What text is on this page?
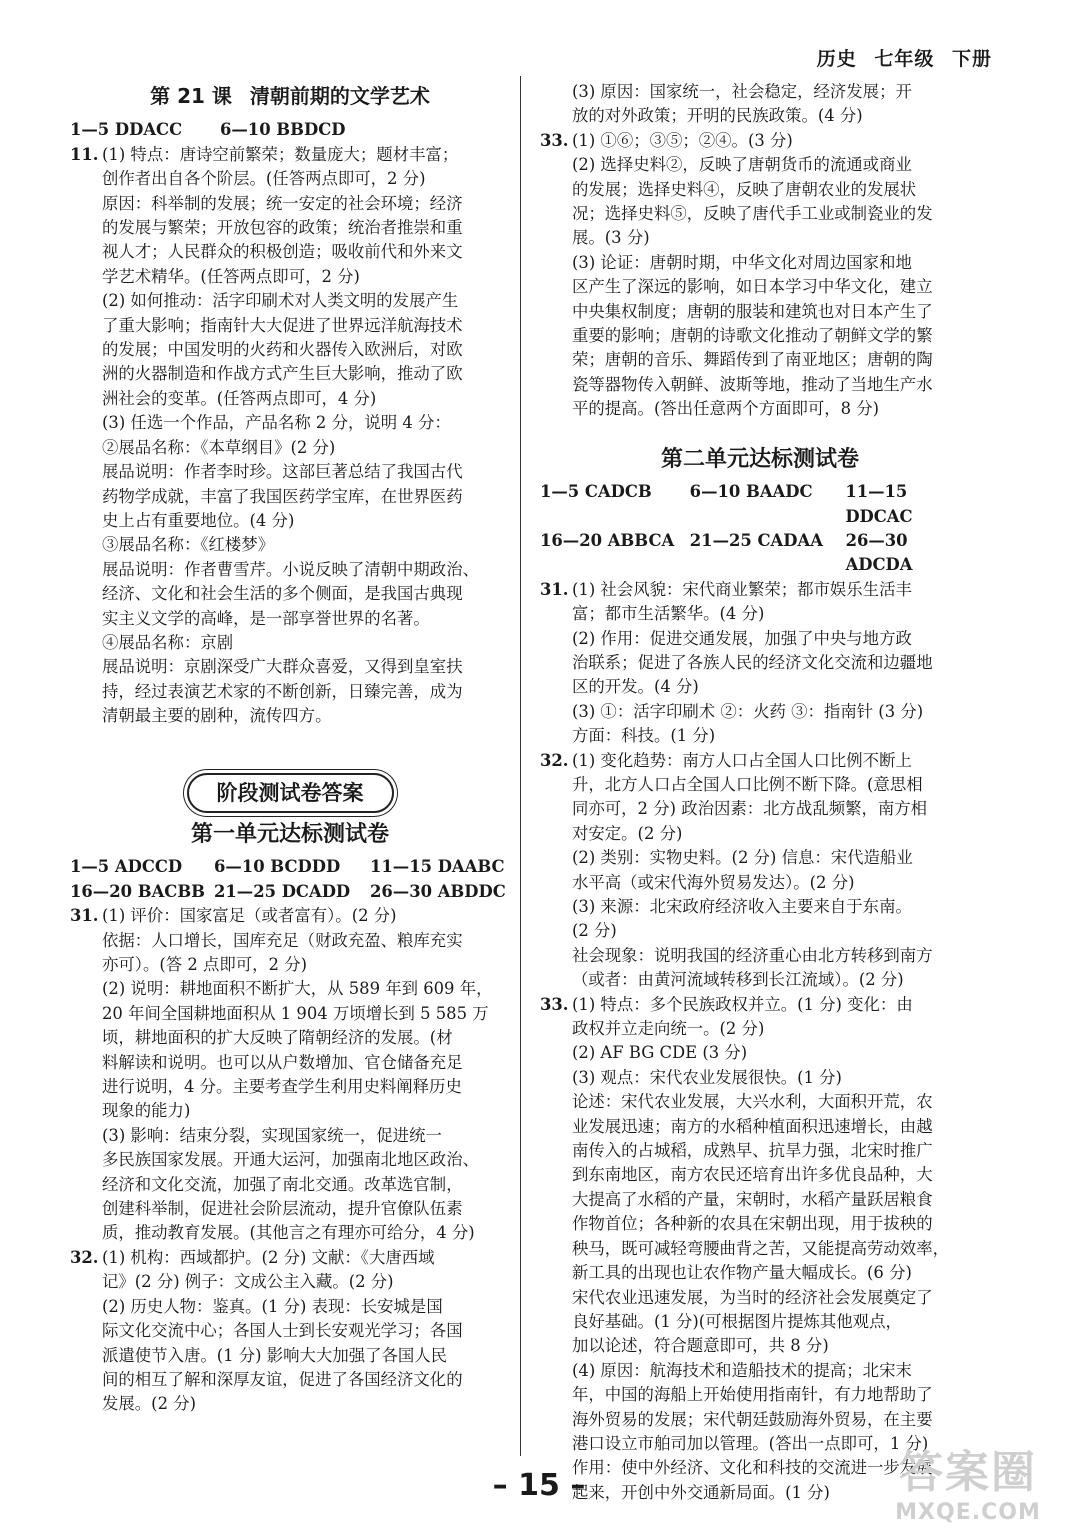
历史 七年级 下册
第 21 课 清朝前期的文学艺术
1—5 DDACC	6—10 BBDCD
11. (1) 特点：唐诗空前繁荣；数量庞大；题材丰富；
创作者出自各个阶层。(任答两点即可，2 分)
原因：科举制的发展；统一安定的社会环境；经济
的发展与繁荣；开放包容的政策；统治者推崇和重
视人才；人民群众的积极创造；吸收前代和外来文
学艺术精华。(任答两点即可，2 分)
(2) 如何推动：活字印刷术对人类文明的发展产生
了重大影响；指南针大大促进了世界远洋航海技术
的发展；中国发明的火药和火器传入欧洲后，对欧
洲的火器制造和作战方式产生巨大影响，推动了欧
洲社会的变革。(任答两点即可，4 分)
(3) 任选一个作品，产品名称 2 分，说明 4 分：
②展品名称：《本草纲目》(2 分)
展品说明：作者李时珍。这部巨著总结了我国古代
药物学成就，丰富了我国医药学宝库，在世界医药
史上占有重要地位。(4 分)
③展品名称：《红楼梦》
展品说明：作者曹雪芹。小说反映了清朝中期政治、
经济、文化和社会生活的多个侧面，是我国古典现
实主义文学的高峰，是一部享誉世界的名著。
④展品名称：京剧
展品说明：京剧深受广大群众喜爱，又得到皇室扶
持，经过表演艺术家的不断创新，日臻完善，成为
清朝最主要的剧种，流传四方。
阶段测试卷答案
第一单元达标测试卷
1—5 ADCCD	6—10 BCDDD	11—15 DAABC
16—20 BACBB 21—25 DCADD	26—30 ABDDC
31. (1) 评价：国家富足（或者富有）。(2 分)
依据：人口增长，国库充足（财政充盈、粮库充实
亦可）。(答 2 点即可，2 分)
(2) 说明：耕地面积不断扩大，从 589 年到 609 年，
20 年间全国耕地面积从 1 904 万顷增长到 5 585 万
顷，耕地面积的扩大反映了隋朝经济的发展。(材
料解读和说明。也可以从户数增加、官仓储备充足
进行说明，4 分。主要考查学生利用史料阐释历史
现象的能力)
(3) 影响：结束分裂，实现国家统一，促进统一
多民族国家发展。开通大运河，加强南北地区政治、
经济和文化交流，加强了南北交通。改革选官制，
创建科举制，促进社会阶层流动，提升官僚队伍素
质，推动教育发展。(其他言之有理亦可给分，4 分)
32. (1) 机构：西域都护。(2 分) 文献：《大唐西域
记》(2 分) 例子：文成公主入藏。(2 分)
(2) 历史人物：鉴真。(1 分) 表现：长安城是国
际文化交流中心；各国人士到长安观光学习；各国
派遣使节入唐。(1 分) 影响大大加强了各国人民
间的相互了解和深厚友谊，促进了各国经济文化的
发展。(2 分)
(3) 原因：国家统一，社会稳定，经济发展；开
放的对外政策；开明的民族政策。(4 分)
33. (1) ①⑥；③⑤；②④。(3 分)
(2) 选择史料②，反映了唐朝货币的流通或商业
的发展；选择史料④，反映了唐朝农业的发展状
况；选择史料⑤，反映了唐代手工业或制瓷业的发
展。(3 分)
(3) 论证：唐朝时期，中华文化对周边国家和地
区产生了深远的影响，如日本学习中华文化，建立
中央集权制度；唐朝的服装和建筑也对日本产生了
重要的影响；唐朝的诗歌文化推动了朝鲜文学的繁
荣；唐朝的音乐、舞蹈传到了南亚地区；唐朝的陶
瓷等器物传入朝鲜、波斯等地，推动了当地生产水
平的提高。(答出任意两个方面即可，8 分)
第二单元达标测试卷
1—5 CADCB	6—10 BAADC	11—15 DDCAC
16—20 ABBCA 21—25 CADAA	26—30 ADCDA
31. (1) 社会风貌：宋代商业繁荣；都市娱乐生活丰
富；都市生活繁华。(4 分)
(2) 作用：促进交通发展，加强了中央与地方政
治联系；促进了各族人民的经济文化交流和边疆地
区的开发。(4 分)
(3) ①：活字印刷术 ②：火药 ③：指南针 (3 分)
方面：科技。(1 分)
32. (1) 变化趋势：南方人口占全国人口比例不断上
升，北方人口占全国人口比例不断下降。(意思相
同亦可，2 分) 政治因素：北方战乱频繁，南方相
对安定。(2 分)
(2) 类别：实物史料。(2 分) 信息：宋代造船业
水平高（或宋代海外贸易发达）。(2 分)
(3) 来源：北宋政府经济收入主要来自于东南。
(2 分)
社会现象：说明我国的经济重心由北方转移到南方
（或者：由黄河流域转移到长江流域）。(2 分)
33. (1) 特点：多个民族政权并立。(1 分) 变化：由
政权并立走向统一。(2 分)
(2) AF BG CDE (3 分)
(3) 观点：宋代农业发展很快。(1 分)
论述：宋代农业发展，大兴水利，大面积开荒，农
业发展迅速；南方的水稻种植面积迅速增长，由越
南传入的占城稻，成熟早、抗旱力强，北宋时推广
到东南地区，南方农民还培育出许多优良品种，大
大提高了水稻的产量，宋朝时，水稻产量跃居粮食
作物首位；各种新的农具在宋朝出现，用于拔秧的
秧马，既可减轻弯腰曲背之苦，又能提高劳动效率，
新工具的出现也让农作物产量大幅成长。(6 分)
宋代农业迅速发展，为当时的经济社会发展奠定了
良好基础。(1 分)(可根据图片提炼其他观点，
加以论述，符合题意即可，共 8 分)
(4) 原因：航海技术和造船技术的提高；北宋末
年，中国的海船上开始使用指南针，有力地帮助了
海外贸易的发展；宋代朝廷鼓励海外贸易，在主要
港口设立市舶司加以管理。(答出一点即可，1 分)
作用：使中外经济、文化和科技的交流进一步发展
起来，开创中外交通新局面。(1 分)
– 15 –	答案圈
MXQE.COM
